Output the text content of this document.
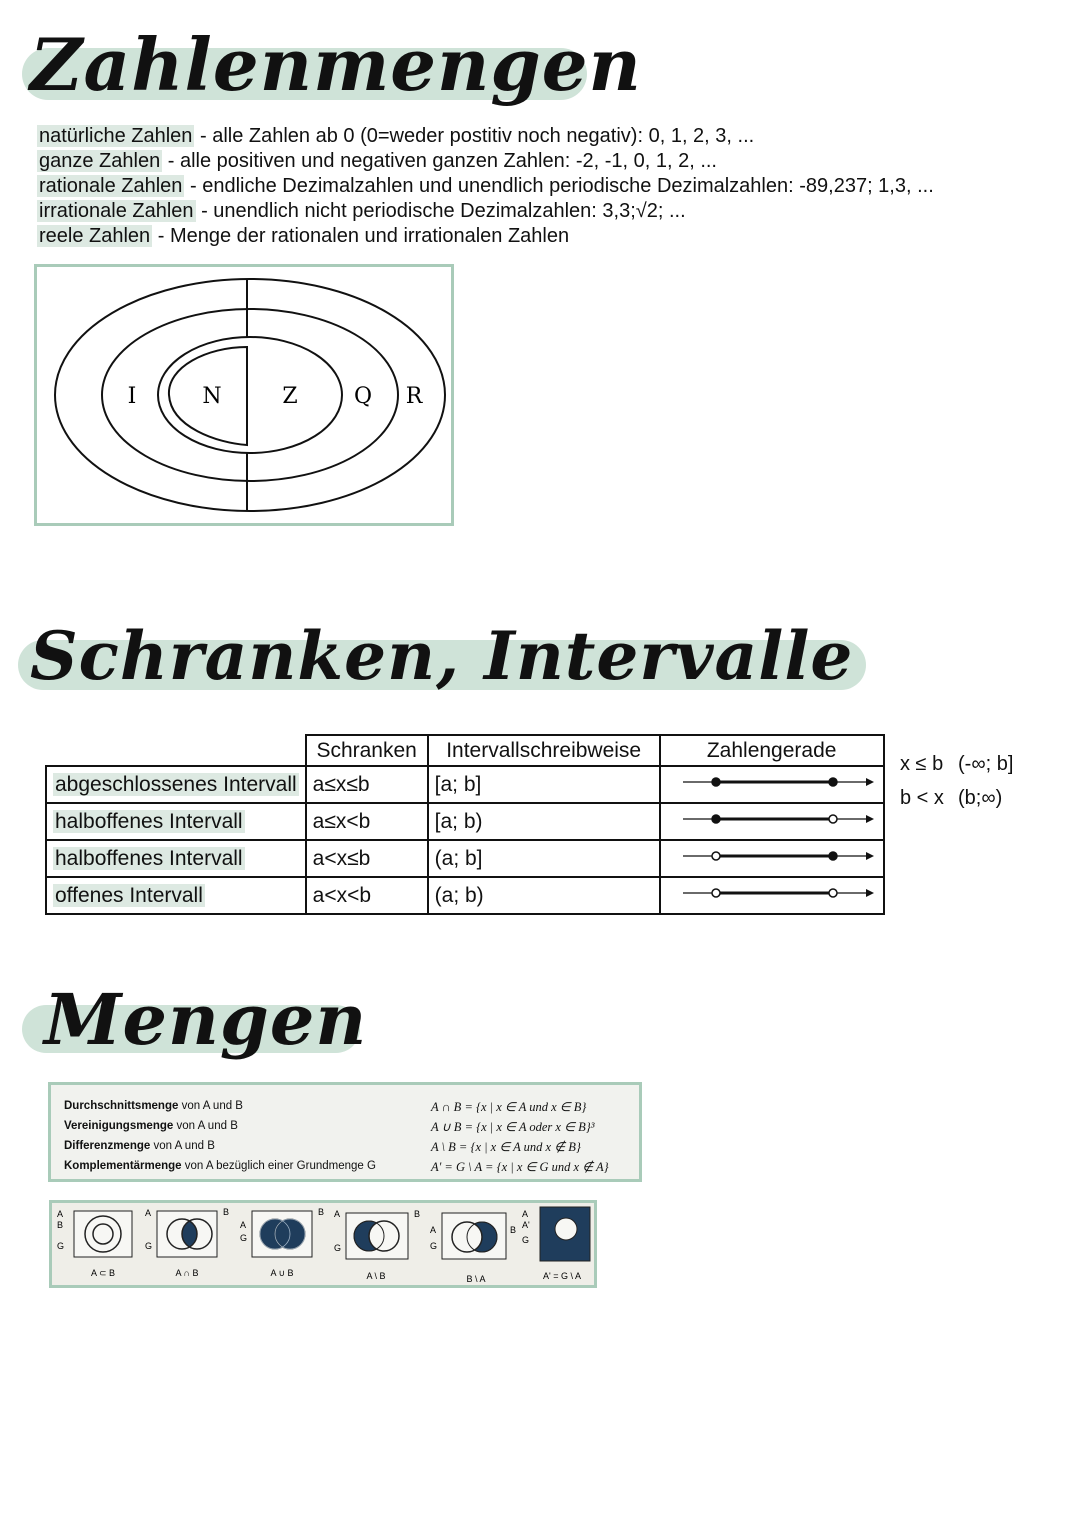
Zahlenmengen
natürliche Zahlen - alle Zahlen ab 0 (0=weder postitiv noch negativ): 0, 1, 2, 3, ...
ganze Zahlen - alle positiven und negativen ganzen Zahlen: -2, -1, 0, 1, 2, ...
rationale Zahlen - endliche Dezimalzahlen und unendlich periodische Dezimalzahlen: -89,237; 1,3, ...
irrationale Zahlen - unendlich nicht periodische Dezimalzahlen: 3,3;√2; ...
reele Zahlen - Menge der rationalen und irrationalen Zahlen
I	N	Z	Q R
Schranken, Intervalle
	Schranken	Intervallschreibweise	Zahlengerade
abgeschlossenes Intervall	a≤x≤b	[a; b]	
halboffenes Intervall	a≤x<b	[a; b)	
halboffenes Intervall	a<x≤b	(a; b]	
offenes Intervall	a<x<b	(a; b)	
x ≤ b (-∞; b]
b < x (b;∞)
Mengen
Durchschnittsmenge von A und B	A ∩ B = {x | x ∈ A und x ∈ B}
Vereinigungsmenge von A und B	A ∪ B = {x | x ∈ A oder x ∈ B}³
Differenzmenge von A und B	A \ B = {x | x ∈ A und x ∉ B}
Komplementärmenge von A bezüglich einer Grundmenge G	A' = G \ A = {x | x ∈ G und x ∉ A}
A
B
G
A ⊂ B
A	B
G
A ∩ B
A
B
G
A ∪ B
A	B
G
A \ B
A	B
G
B \ A
A
A'
G
A' = G \ A
